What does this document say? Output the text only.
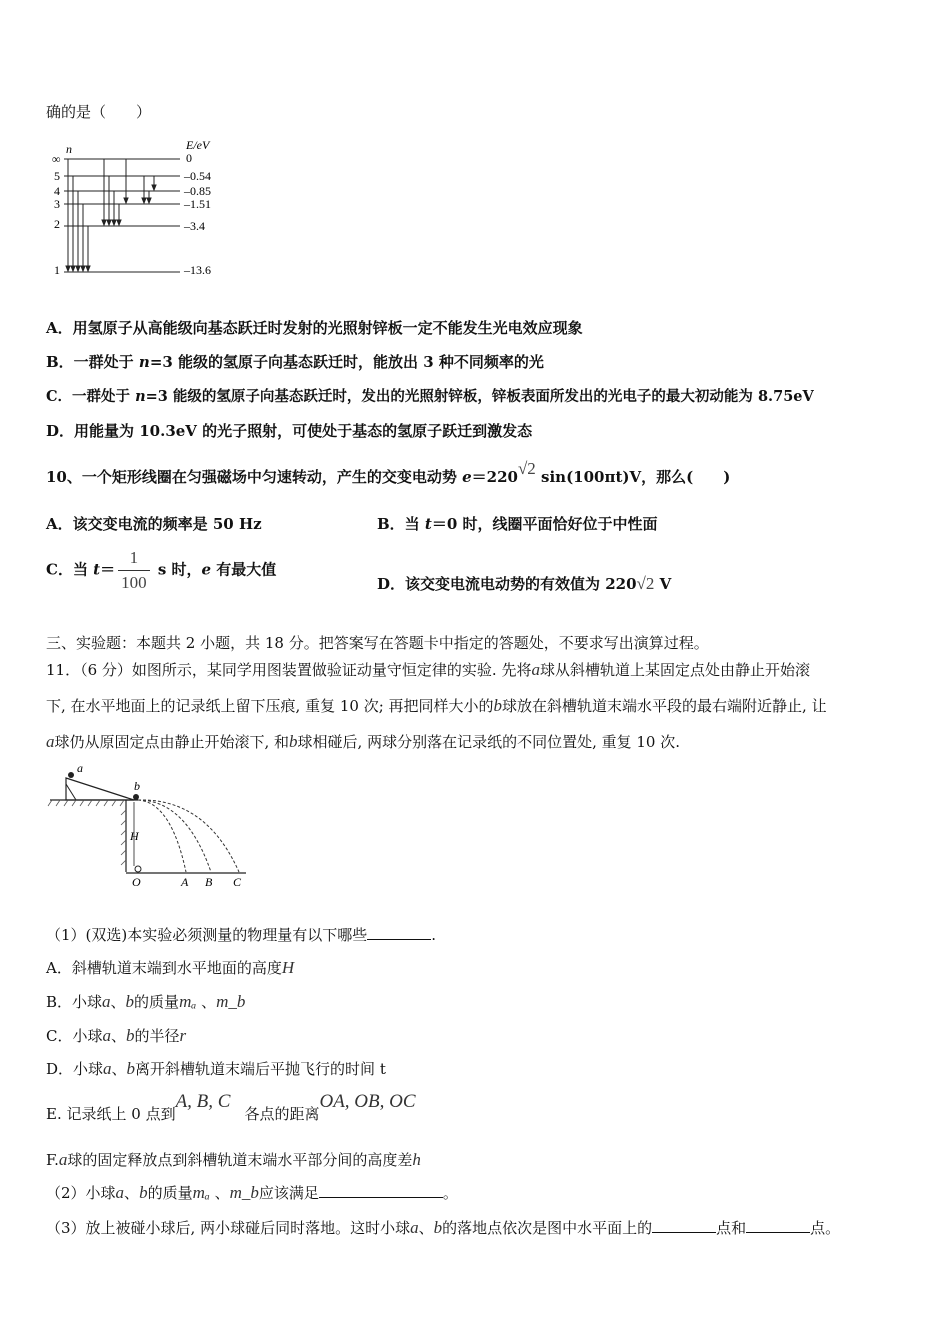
确的是（　　）
n	E/eV
∞
5
4
3
2
1
0
–0.54
–0.85
–1.51
–3.4
–13.6
A．用氢原子从高能级向基态跃迁时发射的光照射锌板一定不能发生光电效应现象
B．一群处于 n=3 能级的氢原子向基态跃迁时，能放出 3 种不同频率的光
C．一群处于 n=3 能级的氢原子向基态跃迁时，发出的光照射锌板，锌板表面所发出的光电子的最大初动能为 8.75eV
D．用能量为 10.3eV 的光子照射，可使处于基态的氢原子跃迁到激发态
10、一个矩形线圈在匀强磁场中匀速转动，产生的交变电动势 e＝220√2 sin(100πt)V，那么(　　)
A．该交变电流的频率是 50 Hz	B．当 t＝0 时，线圈平面恰好位于中性面
C．当 $t= \frac{1}{100}$ s 时，e 有最大值
D．该交变电流电动势的有效值为 220√2 V
三、实验题：本题共 2 小题，共 18 分。把答案写在答题卡中指定的答题处，不要求写出演算过程。
11．（6 分）如图所示，某同学用图装置做验证动量守恒定律的实验. 先将a球从斜槽轨道上某固定点处由静止开始滚
下, 在水平地面上的记录纸上留下压痕, 重复 10 次; 再把同样大小的b球放在斜槽轨道末端水平段的最右端附近静止, 让
a球仍从原固定点由静止开始滚下, 和b球相碰后, 两球分别落在记录纸的不同位置处, 重复 10 次.
a
b
H
O	A B C
（1）(双选)本实验必须测量的物理量有以下哪些	.
A．斜槽轨道末端到水平地面的高度H
B．小球a、b的质量mₐ 、m_b
C．小球a、b的半径r
D．小球a、b离开斜槽轨道末端后平抛飞行的时间 t
E. 记录纸上 0 点到A, B, C各点的距离OA, OB, OC
F.a球的固定释放点到斜槽轨道末端水平部分间的高度差h
（2）小球a、b的质量mₐ 、m_b应该满足	。
（3）放上被碰小球后, 两小球碰后同时落地。这时小球a、b的落地点依次是图中水平面上的	点和	点。
